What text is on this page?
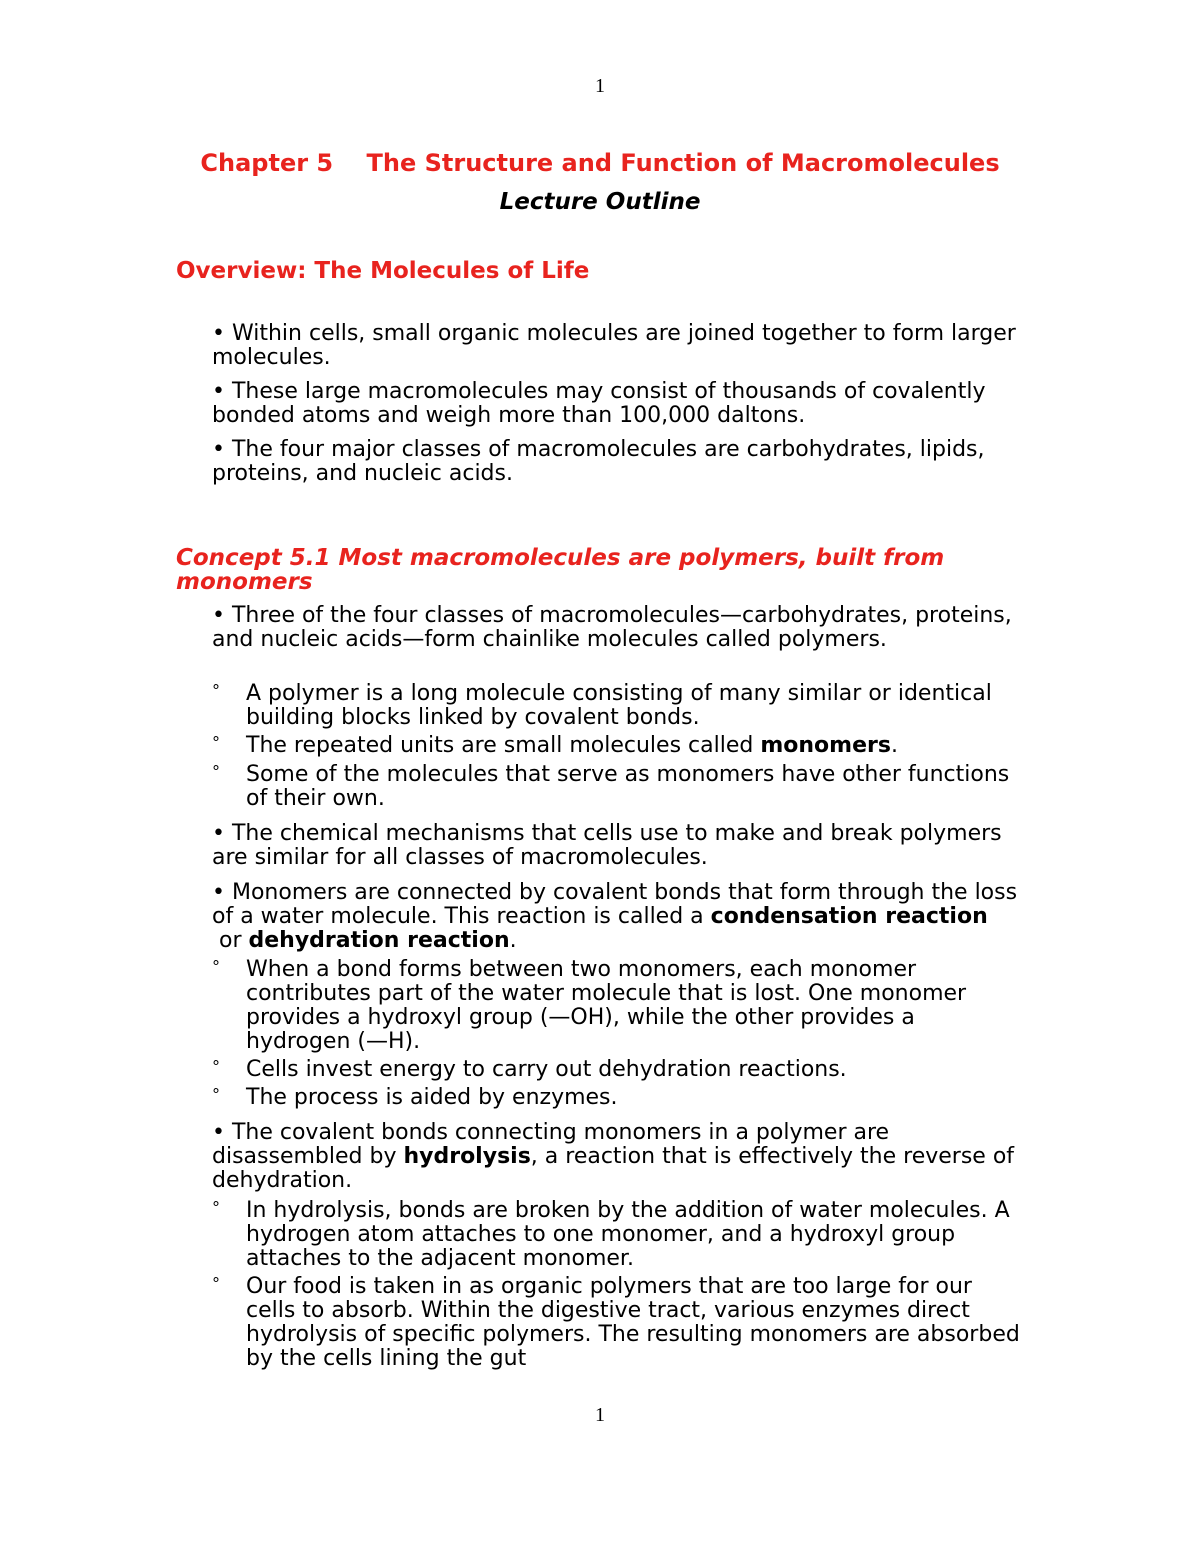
1
Chapter 5    The Structure and Function of Macromolecules
Lecture Outline
Overview: The Molecules of Life
• Within cells, small organic molecules are joined together to form larger molecules.
• These large macromolecules may consist of thousands of covalently bonded atoms and weigh more than 100,000 daltons.
• The four major classes of macromolecules are carbohydrates, lipids, proteins, and nucleic acids.
Concept 5.1 Most macromolecules are polymers, built from monomers
• Three of the four classes of macromolecules—carbohydrates, proteins, and nucleic acids—form chainlike molecules called polymers.
°	A polymer is a long molecule consisting of many similar or identical building blocks linked by covalent bonds.
°	The repeated units are small molecules called monomers.
°	Some of the molecules that serve as monomers have other functions of their own.
• The chemical mechanisms that cells use to make and break polymers are similar for all classes of macromolecules.
• Monomers are connected by covalent bonds that form through the loss of a water molecule. This reaction is called a condensation reaction or dehydration reaction.
°	When a bond forms between two monomers, each monomer contributes part of the water molecule that is lost. One monomer provides a hydroxyl group (—OH), while the other provides a hydrogen (—H).
°	Cells invest energy to carry out dehydration reactions.
°	The process is aided by enzymes.
• The covalent bonds connecting monomers in a polymer are disassembled by hydrolysis, a reaction that is effectively the reverse of dehydration.
°	In hydrolysis, bonds are broken by the addition of water molecules. A hydrogen atom attaches to one monomer, and a hydroxyl group attaches to the adjacent monomer.
°	Our food is taken in as organic polymers that are too large for our cells to absorb. Within the digestive tract, various enzymes direct hydrolysis of specific polymers. The resulting monomers are absorbed by the cells lining the gut
1
